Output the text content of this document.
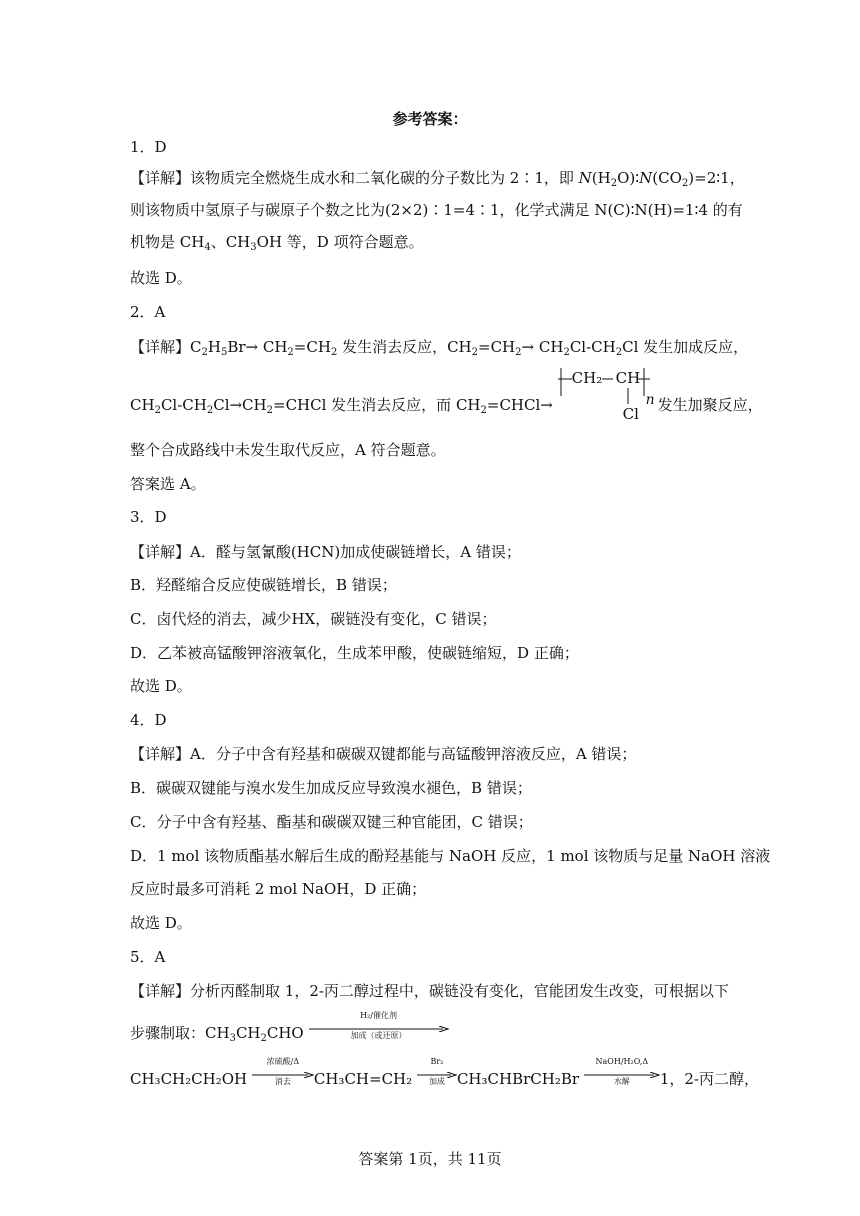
参考答案：
1．D
【详解】该物质完全燃烧生成水和二氧化碳的分子数比为 2∶1，即 $N(H_2O)∶N(CO_2)=2∶1$，
则该物质中氢原子与碳原子个数之比为(2×2)∶1=4∶1，化学式满足 N(C)∶N(H)=1∶4 的有
机物是 $CH_4$、$CH_3OH$ 等，D 项符合题意。
故选 D。
2．A
【详解】$C_2H_5Br\to CH_2=CH_2$ 发生消去反应，$CH_2=CH_2\to CH_2Cl-CH_2Cl$ 发生加成反应，
$CH_2Cl-CH_2Cl\to CH_2=CHCl$ 发生消去反应，而 $CH_2=CHCl\to$
CH₂ CH
Cl
n 发生加聚反应，
整个合成路线中未发生取代反应，A 符合题意。
答案选 A。
3．D
【详解】A．醛与氢氰酸(HCN)加成使碳链增长，A 错误；
B．羟醛缩合反应使碳链增长，B 错误；
C．卤代烃的消去，减少HX，碳链没有变化，C 错误；
D．乙苯被高锰酸钾溶液氧化，生成苯甲酸，使碳链缩短，D 正确；
故选 D。
4．D
【详解】A．分子中含有羟基和碳碳双键都能与高锰酸钾溶液反应，A 错误；
B．碳碳双键能与溴水发生加成反应导致溴水褪色，B 错误；
C．分子中含有羟基、酯基和碳碳双键三种官能团，C 错误；
D．1 mol 该物质酯基水解后生成的酚羟基能与 NaOH 反应，1 mol 该物质与足量 NaOH 溶液
反应时最多可消耗 2 mol NaOH，D 正确；
故选 D。
5．A
【详解】分析丙醛制取 1，2-丙二醇过程中，碳链没有变化，官能团发生改变，可根据以下
步骤制取：$CH_3CH_2CHO$
H₂/催化剂
加成（或还原）
CH₃CH₂CH₂OH
浓硫酸/Δ
消去	CH₃CH=CH₂
Br₂
加成 CH₃CHBrCH₂Br
NaOH/H₂O,Δ
水解	1，2-丙二醇，
答案第 1页，共 11页
